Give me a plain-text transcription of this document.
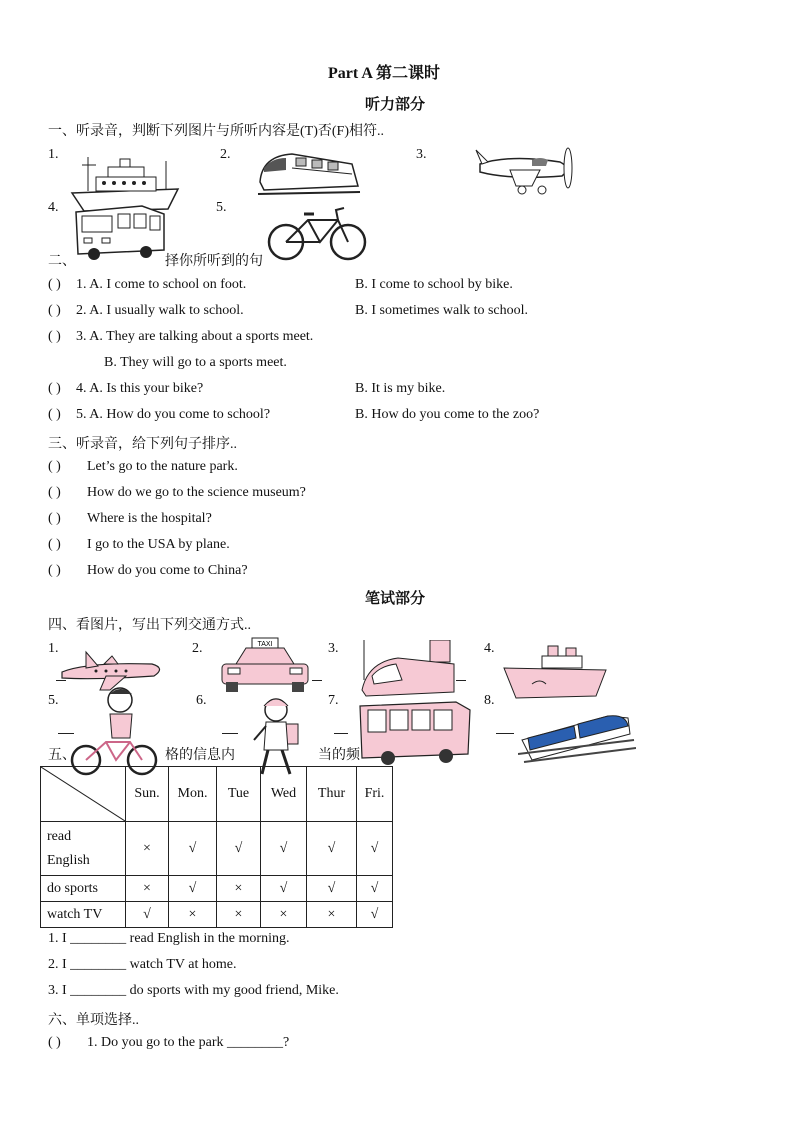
Part A 第二课时
听力部分
一、听录音，判断下列图片与所听内容是(T)否(F)相符..
1.	2.	3.
4.	5.
二、	择你所听到的句
( ) 1. A. I come to school on foot.	B. I come to school by bike.
( ) 2. A. I usually walk to school.	B. I sometimes walk to school.
( ) 3. A. They are talking about a sports meet.
B. They will go to a sports meet.
( ) 4. A. Is this your bike?	B. It is my bike.
( ) 5. A. How do you come to school?	B. How do you come to the zoo?
三、听录音，给下列句子排序..
( ) Let’s go to the nature park.
( ) How do we go to the science museum?
( ) Where is the hospital?
( ) I go to the USA by plane.
( ) How do you come to China?
笔试部分
四、看图片，写出下列交通方式..
1.	2.	3.	4.
5.	6.	7.	8.
TAXI
五、	格的信息内	当的频
	Sun.	Mon.	Tue	Wed	Thur	Fri.
read
English	×	√	√	√	√	√
do sports	×	√	×	√	√	√
watch TV	√	×	×	×	×	√
1. I ________ read English in the morning.
2. I ________ watch TV at home.
3. I ________ do sports with my good friend, Mike.
六、单项选择..
( ) 1. Do you go to the park ________?
